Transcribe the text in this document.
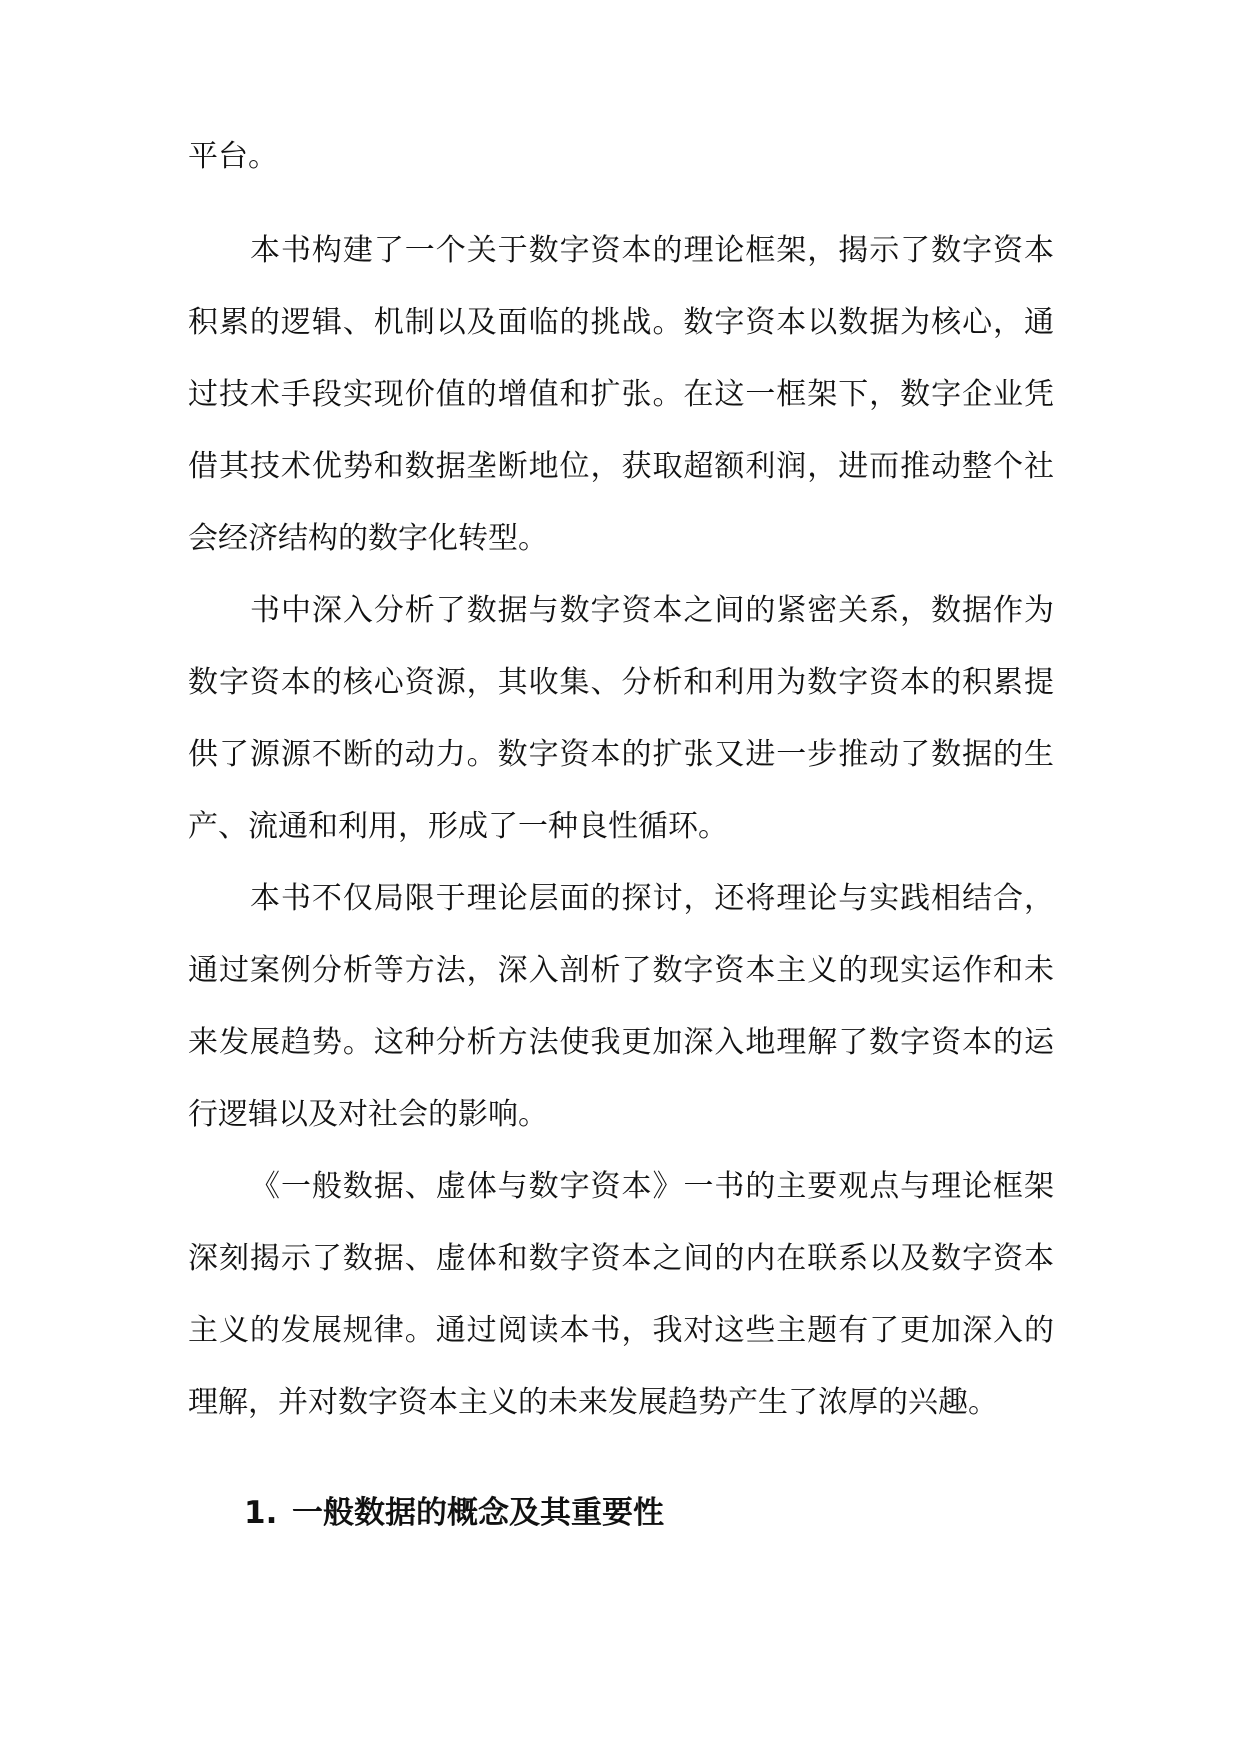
平台。

本书构建了一个关于数字资本的理论框架，揭示了数字资本积累的逻辑、机制以及面临的挑战。数字资本以数据为核心，通过技术手段实现价值的增值和扩张。在这一框架下，数字企业凭借其技术优势和数据垄断地位，获取超额利润，进而推动整个社会经济结构的数字化转型。

书中深入分析了数据与数字资本之间的紧密关系，数据作为数字资本的核心资源，其收集、分析和利用为数字资本的积累提供了源源不断的动力。数字资本的扩张又进一步推动了数据的生产、流通和利用，形成了一种良性循环。

本书不仅局限于理论层面的探讨，还将理论与实践相结合，通过案例分析等方法，深入剖析了数字资本主义的现实运作和未来发展趋势。这种分析方法使我更加深入地理解了数字资本的运行逻辑以及对社会的影响。

《一般数据、虚体与数字资本》一书的主要观点与理论框架深刻揭示了数据、虚体和数字资本之间的内在联系以及数字资本主义的发展规律。通过阅读本书，我对这些主题有了更加深入的理解，并对数字资本主义的未来发展趋势产生了浓厚的兴趣。

1. 一般数据的概念及其重要性
